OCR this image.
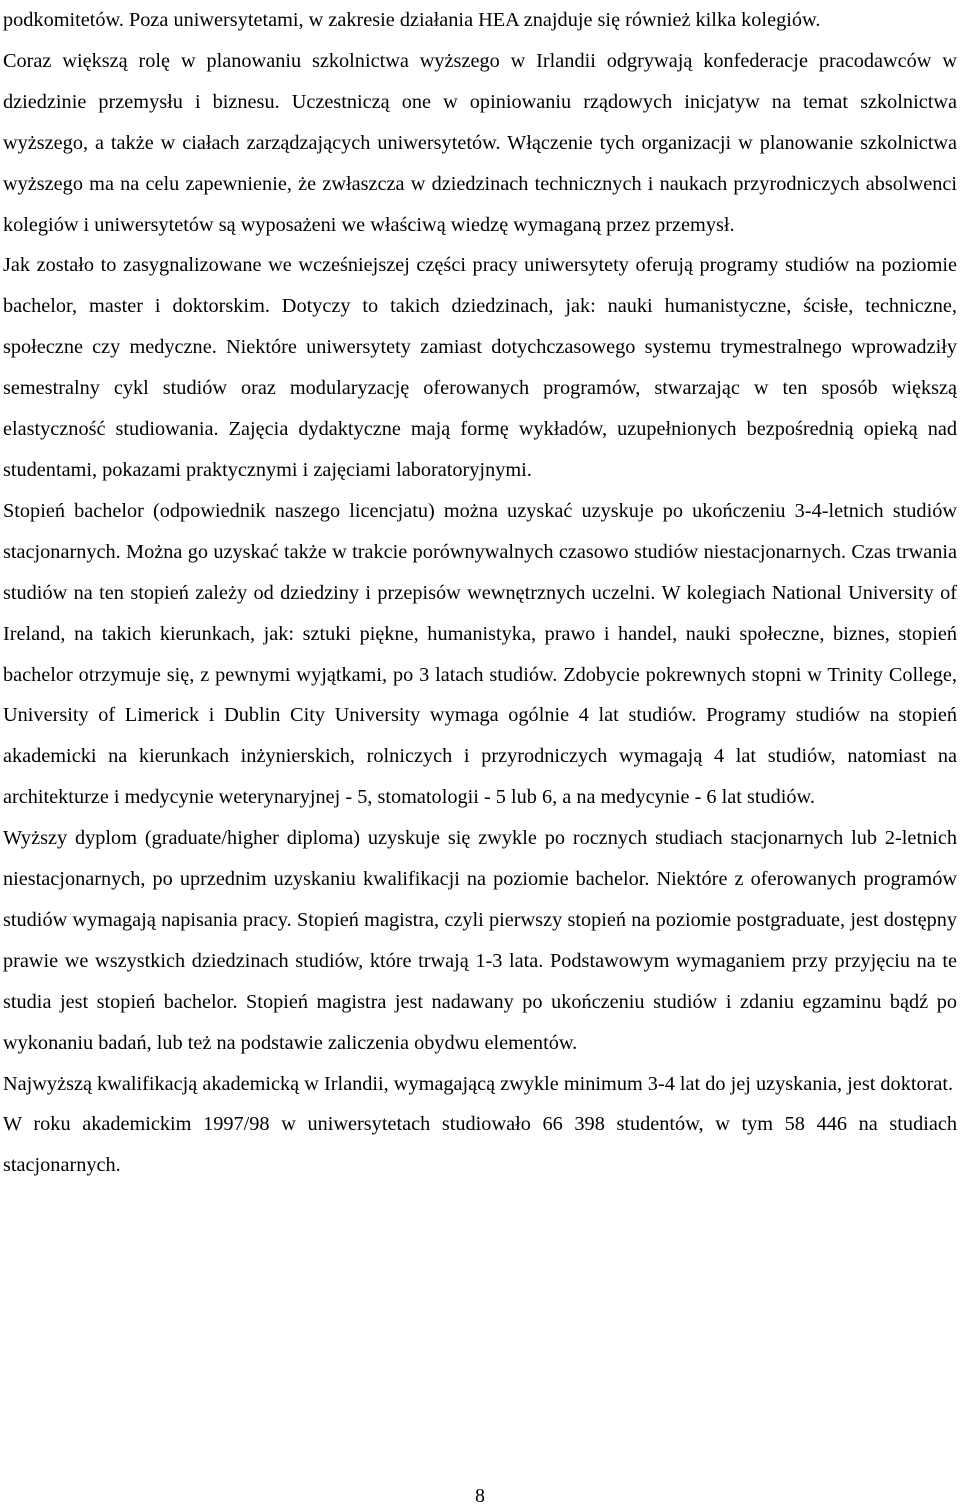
podkomitetów. Poza uniwersytetami, w zakresie działania HEA znajduje się również kilka kolegiów.

Coraz większą rolę w planowaniu szkolnictwa wyższego w Irlandii odgrywają konfederacje pracodawców w dziedzinie przemysłu i biznesu. Uczestniczą one w opiniowaniu rządowych inicjatyw na temat szkolnictwa wyższego, a także w ciałach zarządzających uniwersytetów. Włączenie tych organizacji w planowanie szkolnictwa wyższego ma na celu zapewnienie, że zwłaszcza w dziedzinach technicznych i naukach przyrodniczych absolwenci kolegiów i uniwersytetów są wyposażeni we właściwą wiedzę wymaganą przez przemysł.

Jak zostało to zasygnalizowane we wcześniejszej części pracy uniwersytety oferują programy studiów na poziomie bachelor, master i doktorskim. Dotyczy to takich dziedzinach, jak: nauki humanistyczne, ścisłe, techniczne, społeczne czy medyczne. Niektóre uniwersytety zamiast dotychczasowego systemu trymestralnego wprowadziły semestralny cykl studiów oraz modularyzację oferowanych programów, stwarzając w ten sposób większą elastyczność studiowania. Zajęcia dydaktyczne mają formę wykładów, uzupełnionych bezpośrednią opieką nad studentami, pokazami praktycznymi i zajęciami laboratoryjnymi.

Stopień bachelor (odpowiednik naszego licencjatu) można uzyskać uzyskuje po ukończeniu 3-4-letnich studiów stacjonarnych. Można go uzyskać także w trakcie porównywalnych czasowo studiów niestacjonarnych. Czas trwania studiów na ten stopień zależy od dziedziny i przepisów wewnętrznych uczelni. W kolegiach National University of Ireland, na takich kierunkach, jak: sztuki piękne, humanistyka, prawo i handel, nauki społeczne, biznes, stopień bachelor otrzymuje się, z pewnymi wyjątkami, po 3 latach studiów. Zdobycie pokrewnych stopni w Trinity College, University of Limerick i Dublin City University wymaga ogólnie 4 lat studiów. Programy studiów na stopień akademicki na kierunkach inżynierskich, rolniczych i przyrodniczych wymagają 4 lat studiów, natomiast na architekturze i medycynie weterynaryjnej - 5, stomatologii - 5 lub 6, a na medycynie - 6 lat studiów.

Wyższy dyplom (graduate/higher diploma) uzyskuje się zwykle po rocznych studiach stacjonarnych lub 2-letnich niestacjonarnych, po uprzednim uzyskaniu kwalifikacji na poziomie bachelor. Niektóre z oferowanych programów studiów wymagają napisania pracy. Stopień magistra, czyli pierwszy stopień na poziomie postgraduate, jest dostępny prawie we wszystkich dziedzinach studiów, które trwają 1-3 lata. Podstawowym wymaganiem przy przyjęciu na te studia jest stopień bachelor. Stopień magistra jest nadawany po ukończeniu studiów i zdaniu egzaminu bądź po wykonaniu badań, lub też na podstawie zaliczenia obydwu elementów.

Najwyższą kwalifikacją akademicką w Irlandii, wymagającą zwykle minimum 3-4 lat do jej uzyskania, jest doktorat.

W roku akademickim 1997/98 w uniwersytetach studiowało 66 398 studentów, w tym 58 446 na studiach stacjonarnych.

8
